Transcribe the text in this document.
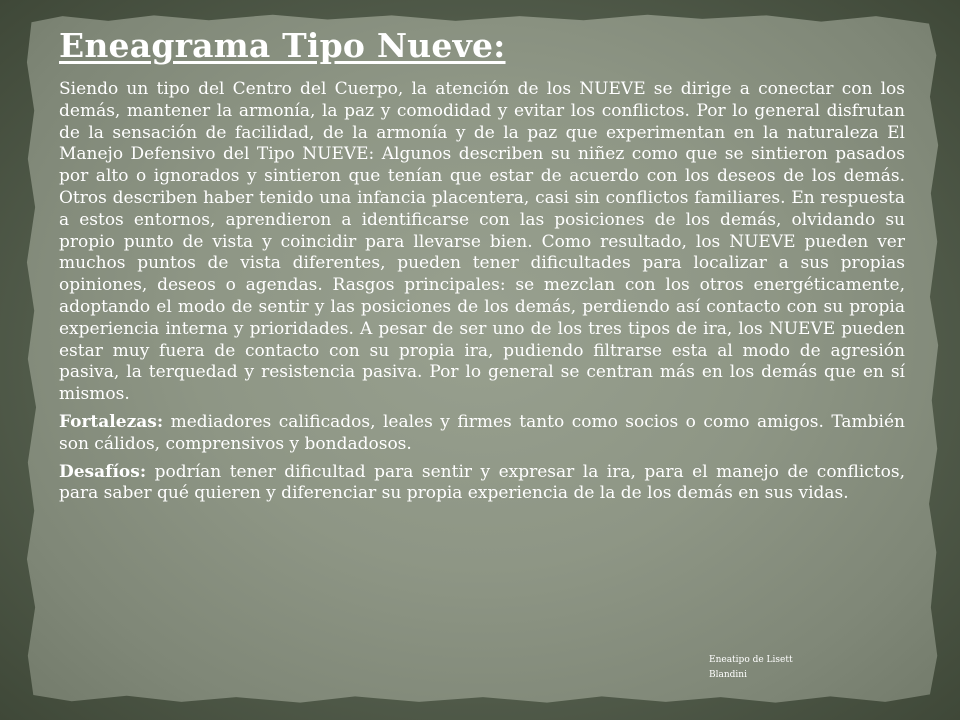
Eneagrama Tipo Nueve:

Siendo un tipo del Centro del Cuerpo, la atención de los NUEVE se dirige a conectar con los demás, mantener la armonía, la paz y comodidad y evitar los conflictos. Por lo general disfrutan de la sensación de facilidad, de la armonía y de la paz que experimentan en la naturaleza El Manejo Defensivo del Tipo NUEVE: Algunos describen su niñez como que se sintieron pasados por alto o ignorados y sintieron que tenían que estar de acuerdo con los deseos de los demás. Otros describen haber tenido una infancia placentera, casi sin conflictos familiares. En respuesta a estos entornos, aprendieron a identificarse con las posiciones de los demás, olvidando su propio punto de vista y coincidir para llevarse bien. Como resultado, los NUEVE pueden ver muchos puntos de vista diferentes, pueden tener dificultades para localizar a sus propias opiniones, deseos o agendas. Rasgos principales: se mezclan con los otros energéticamente, adoptando el modo de sentir y las posiciones de los demás, perdiendo así contacto con su propia experiencia interna y prioridades. A pesar de ser uno de los tres tipos de ira, los NUEVE pueden estar muy fuera de contacto con su propia ira, pudiendo filtrarse esta al modo de agresión pasiva, la terquedad y resistencia pasiva. Por lo general se centran más en los demás que en sí mismos.

Fortalezas: mediadores calificados, leales y firmes tanto como socios o como amigos. También son cálidos, comprensivos y bondadosos.

Desafíos: podrían tener dificultad para sentir y expresar la ira, para el manejo de conflictos, para saber qué quieren y diferenciar su propia experiencia de la de los demás en sus vidas.

Eneatipo de Lisett
Blandini
